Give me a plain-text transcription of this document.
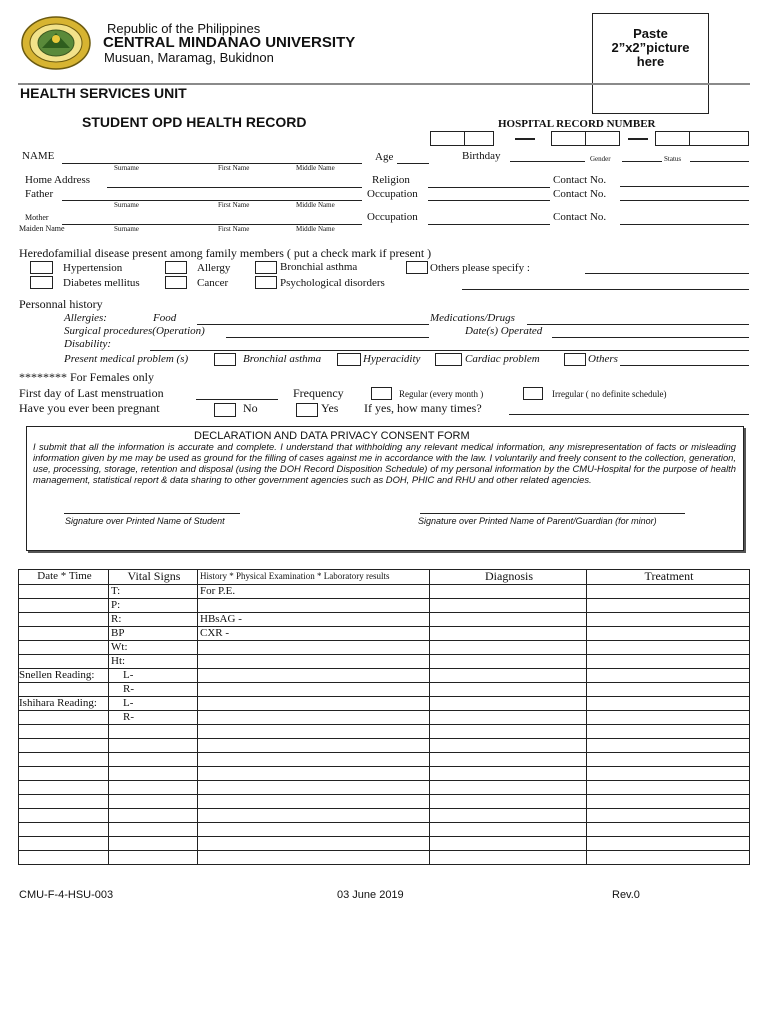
Republic of the Philippines
CENTRAL MINDANAO UNIVERSITY
Musuan, Maramag, Bukidnon
Paste 2”x2”picture here
HEALTH SERVICES UNIT
STUDENT OPD HEALTH RECORD	HOSPITAL RECORD NUMBER
NAME
Surname	First Name	Middle Name
Age	Birthday	Gender	Status
Home Address	Religion	Contact No.
Father
Surname	First Name	Middle Name
Occupation	Contact No.
Mother
Maiden Name	Surname	First Name	Middle Name
Occupation	Contact No.
Heredofamilial disease present among family members ( put a check mark if present )
Hypertension	Allergy	Bronchial asthma	Others please specify :
Diabetes mellitus	Cancer	Psychological disorders
Personnal history
Allergies:	Food	Medications/Drugs
Surgical procedures(Operation)	Date(s) Operated
Disability:
Present medical problem (s)	Bronchial asthma	Hyperacidity	Cardiac problem	Others
******** For Females only
First day of Last menstruation	Frequency	Regular (every month )	Irregular ( no definite schedule)
Have you ever been pregnant	No	Yes If yes, how many times?
DECLARATION AND DATA PRIVACY CONSENT FORM
I submit that all the information is accurate and complete. I understand that withholding any relevant medical information, any misrepresentation of facts or misleading information given by me may be used as ground for the filling of cases against me in accordance with the law. I voluntarily and freely consent to the collection, generation, use, processing, storage, retention and disposal (using the DOH Record Disposition Schedule) of my personal information by the CMU-Hospital for the purpose of health management, statistical report & data sharing to other government agencies such as DOH, PHIC and RHU and other related agencies.
Signature over Printed Name of Student	Signature over Printed Name of Parent/Guardian (for minor)
Date * Time	Vital Signs	History * Physical Examination * Laboratory results	Diagnosis	Treatment
	T:	For P.E.		
	P:			
	R:	HBsAG -		
	BP	CXR -		
	Wt:			
	Ht:			
Snellen Reading:	L-			
	R-			
Ishihara Reading:	L-			
	R-			

CMU-F-4-HSU-003	03 June 2019	Rev.0
